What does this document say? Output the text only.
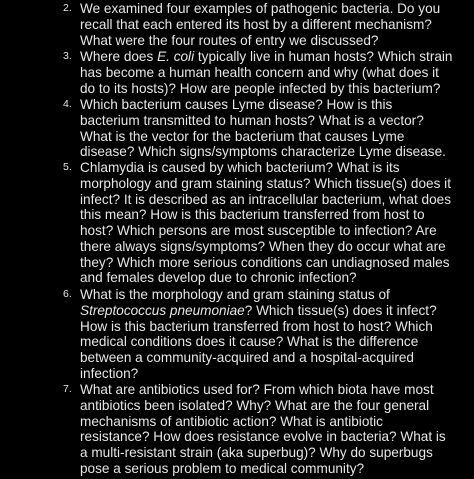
2. We examined four examples of pathogenic bacteria. Do you
recall that each entered its host by a different mechanism?
What were the four routes of entry we discussed?
3. Where does E. coli typically live in human hosts? Which strain
has become a human health concern and why (what does it
do to its hosts)? How are people infected by this bacterium?
4. Which bacterium causes Lyme disease? How is this
bacterium transmitted to human hosts? What is a vector?
What is the vector for the bacterium that causes Lyme
disease? Which signs/symptoms characterize Lyme disease.
5. Chlamydia is caused by which bacterium? What is its
morphology and gram staining status? Which tissue(s) does it
infect? It is described as an intracellular bacterium, what does
this mean? How is this bacterium transferred from host to
host? Which persons are most susceptible to infection? Are
there always signs/symptoms? When they do occur what are
they? Which more serious conditions can undiagnosed males
and females develop due to chronic infection?
6. What is the morphology and gram staining status of
Streptococcus pneumoniae? Which tissue(s) does it infect?
How is this bacterium transferred from host to host? Which
medical conditions does it cause? What is the difference
between a community-acquired and a hospital-acquired
infection?
7. What are antibiotics used for? From which biota have most
antibiotics been isolated? Why? What are the four general
mechanisms of antibiotic action? What is antibiotic
resistance? How does resistance evolve in bacteria? What is
a multi-resistant strain (aka superbug)? Why do superbugs
pose a serious problem to medical community?
